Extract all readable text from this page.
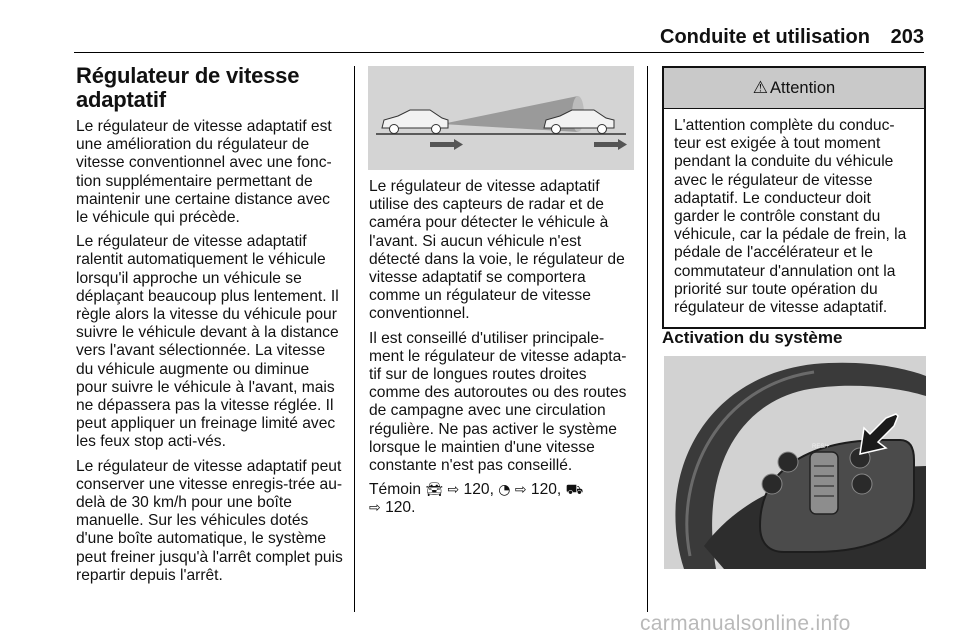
Conduite et utilisation 203
Régulateur de vitesse adaptatif

Le régulateur de vitesse adaptatif est une amélioration du régulateur de vitesse conventionnel avec une fonc-tion supplémentaire permettant de maintenir une certaine distance avec le véhicule qui précède.

Le régulateur de vitesse adaptatif ralentit automatiquement le véhicule lorsqu'il approche un véhicule se déplaçant beaucoup plus lentement. Il règle alors la vitesse du véhicule pour suivre le véhicule devant à la distance vers l'avant sélectionnée. La vitesse du véhicule augmente ou diminue pour suivre le véhicule à l'avant, mais ne dépassera pas la vitesse réglée. Il peut appliquer un freinage limité avec les feux stop acti-vés.

Le régulateur de vitesse adaptatif peut conserver une vitesse enregis-trée au-delà de 30 km/h pour une boîte manuelle. Sur les véhicules dotés d'une boîte automatique, le système peut freiner jusqu'à l'arrêt complet puis repartir depuis l'arrêt.

Le régulateur de vitesse adaptatif utilise des capteurs de radar et de caméra pour détecter le véhicule à l'avant. Si aucun véhicule n'est détecté dans la voie, le régulateur de vitesse adaptatif se comportera comme un régulateur de vitesse conventionnel.

Il est conseillé d'utiliser principale-ment le régulateur de vitesse adapta-tif sur de longues routes droites comme des autoroutes ou des routes de campagne avec une circulation régulière. Ne pas activer le système lorsque le maintien d'une vitesse constante n'est pas conseillé.

Témoin 🚘︎ ⇨ 120, ◔ ⇨ 120, ⛟
⇨ 120.

⚠ Attention
L'attention complète du conduc-teur est exigée à tout moment pendant la conduite du véhicule avec le régulateur de vitesse adaptatif. Le conducteur doit garder le contrôle constant du véhicule, car la pédale de frein, la pédale de l'accélérateur et le commutateur d'annulation ont la priorité sur toute opération du régulateur de vitesse adaptatif.
Activation du système
RES/+
carmanualsonline.info
